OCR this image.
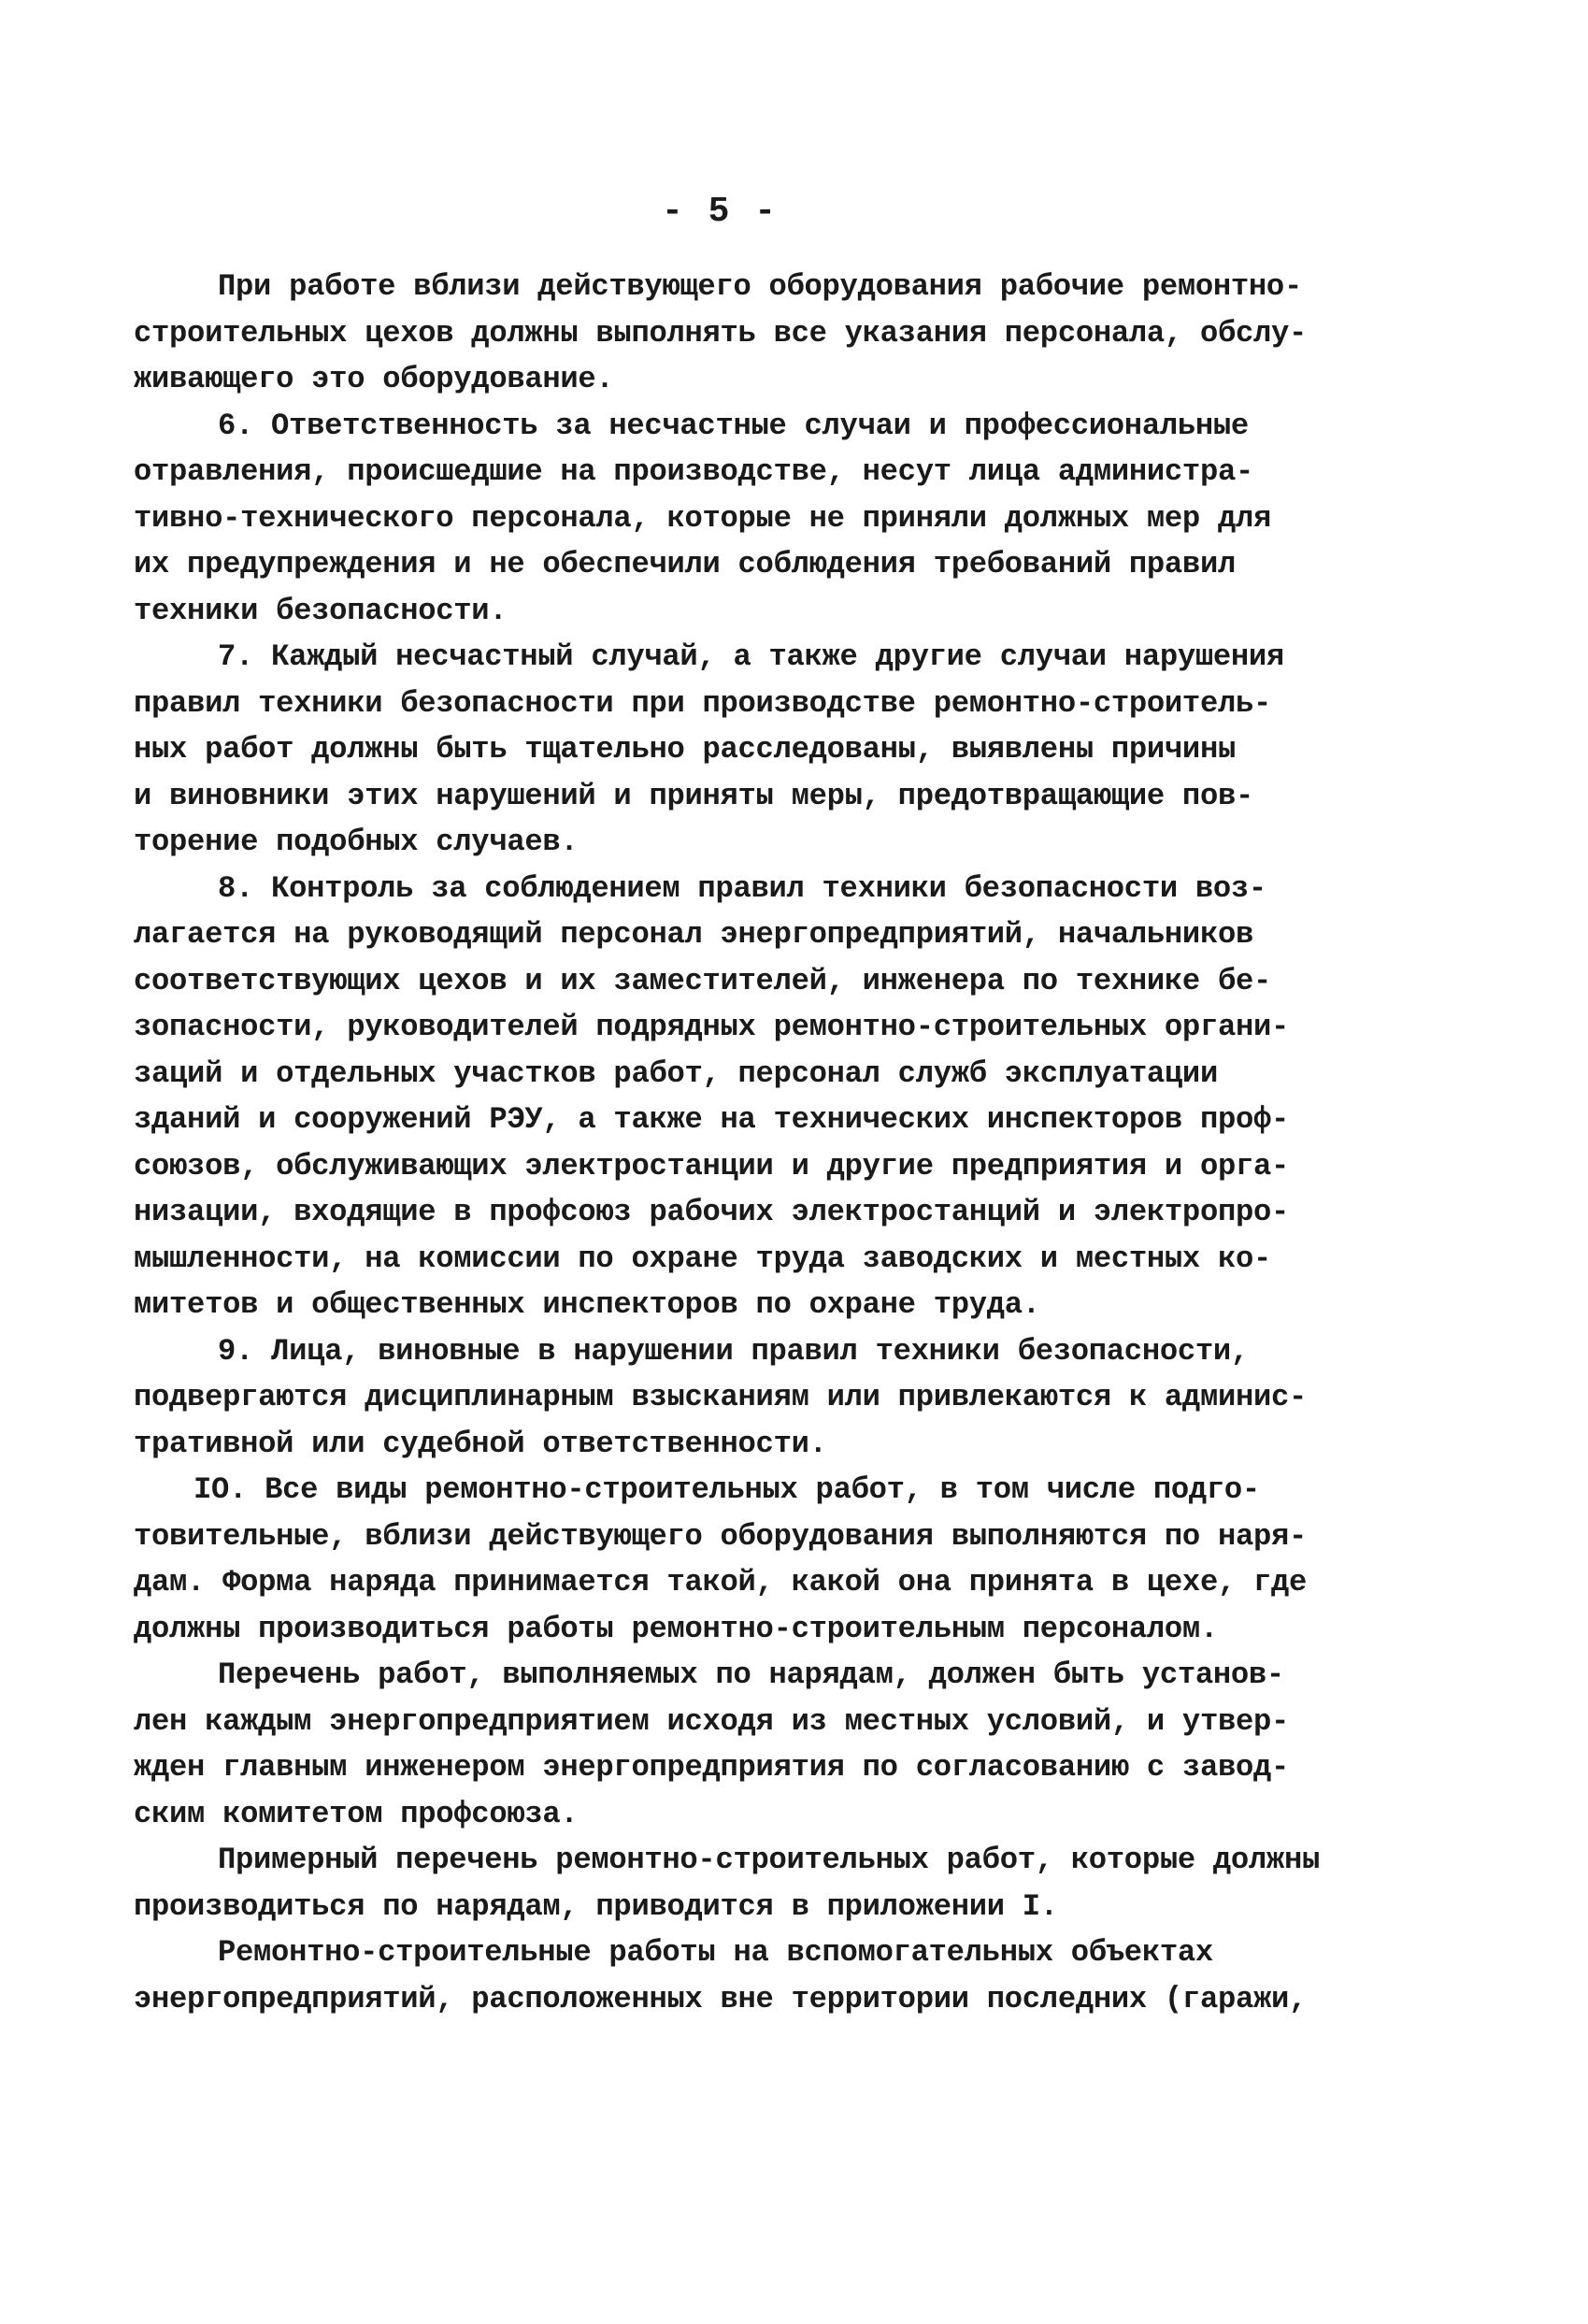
- 5 -

При работе вблизи действующего оборудования рабочие ремонтно-
строительных цехов должны выполнять все указания персонала, обслу-
живающего это оборудование.

6. Ответственность за несчастные случаи и профессиональные
отравления, происшедшие на производстве, несут лица администра-
тивно-технического персонала, которые не приняли должных мер для
их предупреждения и не обеспечили соблюдения требований правил
техники безопасности.

7. Каждый несчастный случай, а также другие случаи нарушения
правил техники безопасности при производстве ремонтно-строитель-
ных работ должны быть тщательно расследованы, выявлены причины
и виновники этих нарушений и приняты меры, предотвращающие пов-
торение подобных случаев.

8. Контроль за соблюдением правил техники безопасности воз-
лагается на руководящий персонал энергопредприятий, начальников
соответствующих цехов и их заместителей, инженера по технике бе-
зопасности, руководителей подрядных ремонтно-строительных органи-
заций и отдельных участков работ, персонал служб эксплуатации
зданий и сооружений РЭУ, а также на технических инспекторов проф-
союзов, обслуживающих электростанции и другие предприятия и орга-
низации, входящие в профсоюз рабочих электростанций и электропро-
мышленности, на комиссии по охране труда заводских и местных ко-
митетов и общественных инспекторов по охране труда.

9. Лица, виновные в нарушении правил техники безопасности,
подвергаются дисциплинарным взысканиям или привлекаются к админис-
тративной или судебной ответственности.

IO. Все виды ремонтно-строительных работ, в том числе подго-
товительные, вблизи действующего оборудования выполняются по наря-
дам. Форма наряда принимается такой, какой она принята в цехе, где
должны производиться работы ремонтно-строительным персоналом.

Перечень работ, выполняемых по нарядам, должен быть установ-
лен каждым энергопредприятием исходя из местных условий, и утвер-
жден главным инженером энергопредприятия по согласованию с завод-
ским комитетом профсоюза.

Примерный перечень ремонтно-строительных работ, которые должны
производиться по нарядам, приводится в приложении I.

Ремонтно-строительные работы на вспомогательных объектах
энергопредприятий, расположенных вне территории последних (гаражи,
